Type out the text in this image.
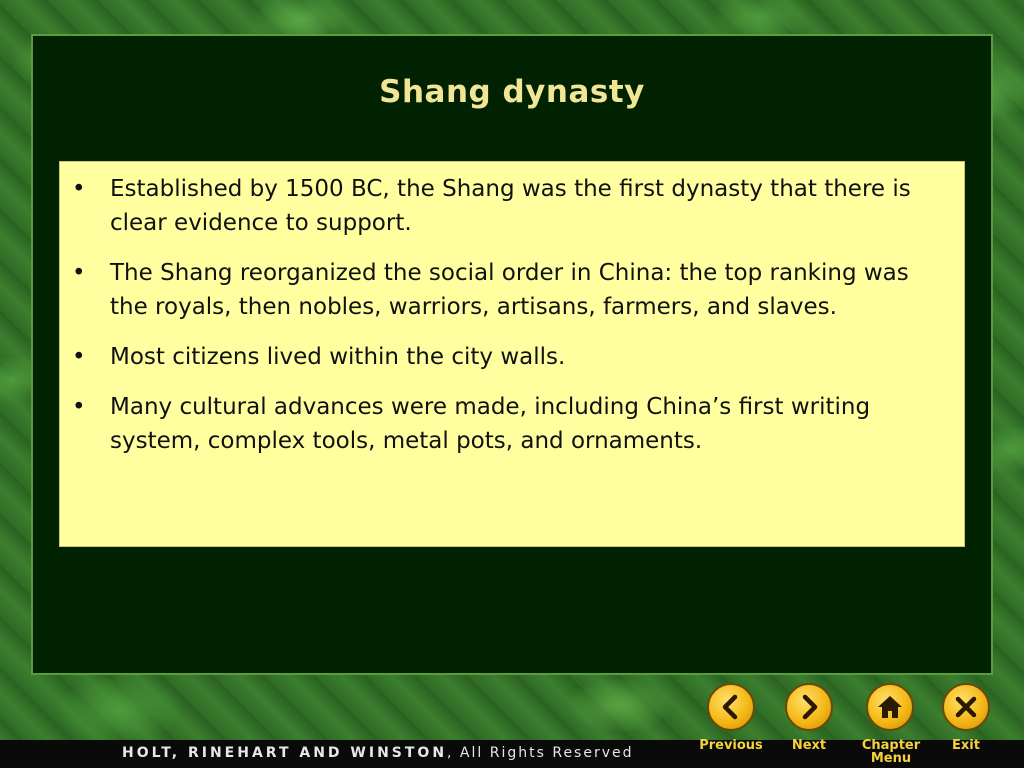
Shang dynasty
• Established by 1500 BC, the Shang was the first dynasty that there is clear evidence to support.
• The Shang reorganized the social order in China: the top ranking was the royals, then nobles, warriors, artisans, farmers, and slaves.
• Most citizens lived within the city walls.
• Many cultural advances were made, including China’s first writing system, complex tools, metal pots, and ornaments.
HOLT, RINEHART AND WINSTON, All Rights Reserved	Previous	Next	Chapter
Menu
Exit
